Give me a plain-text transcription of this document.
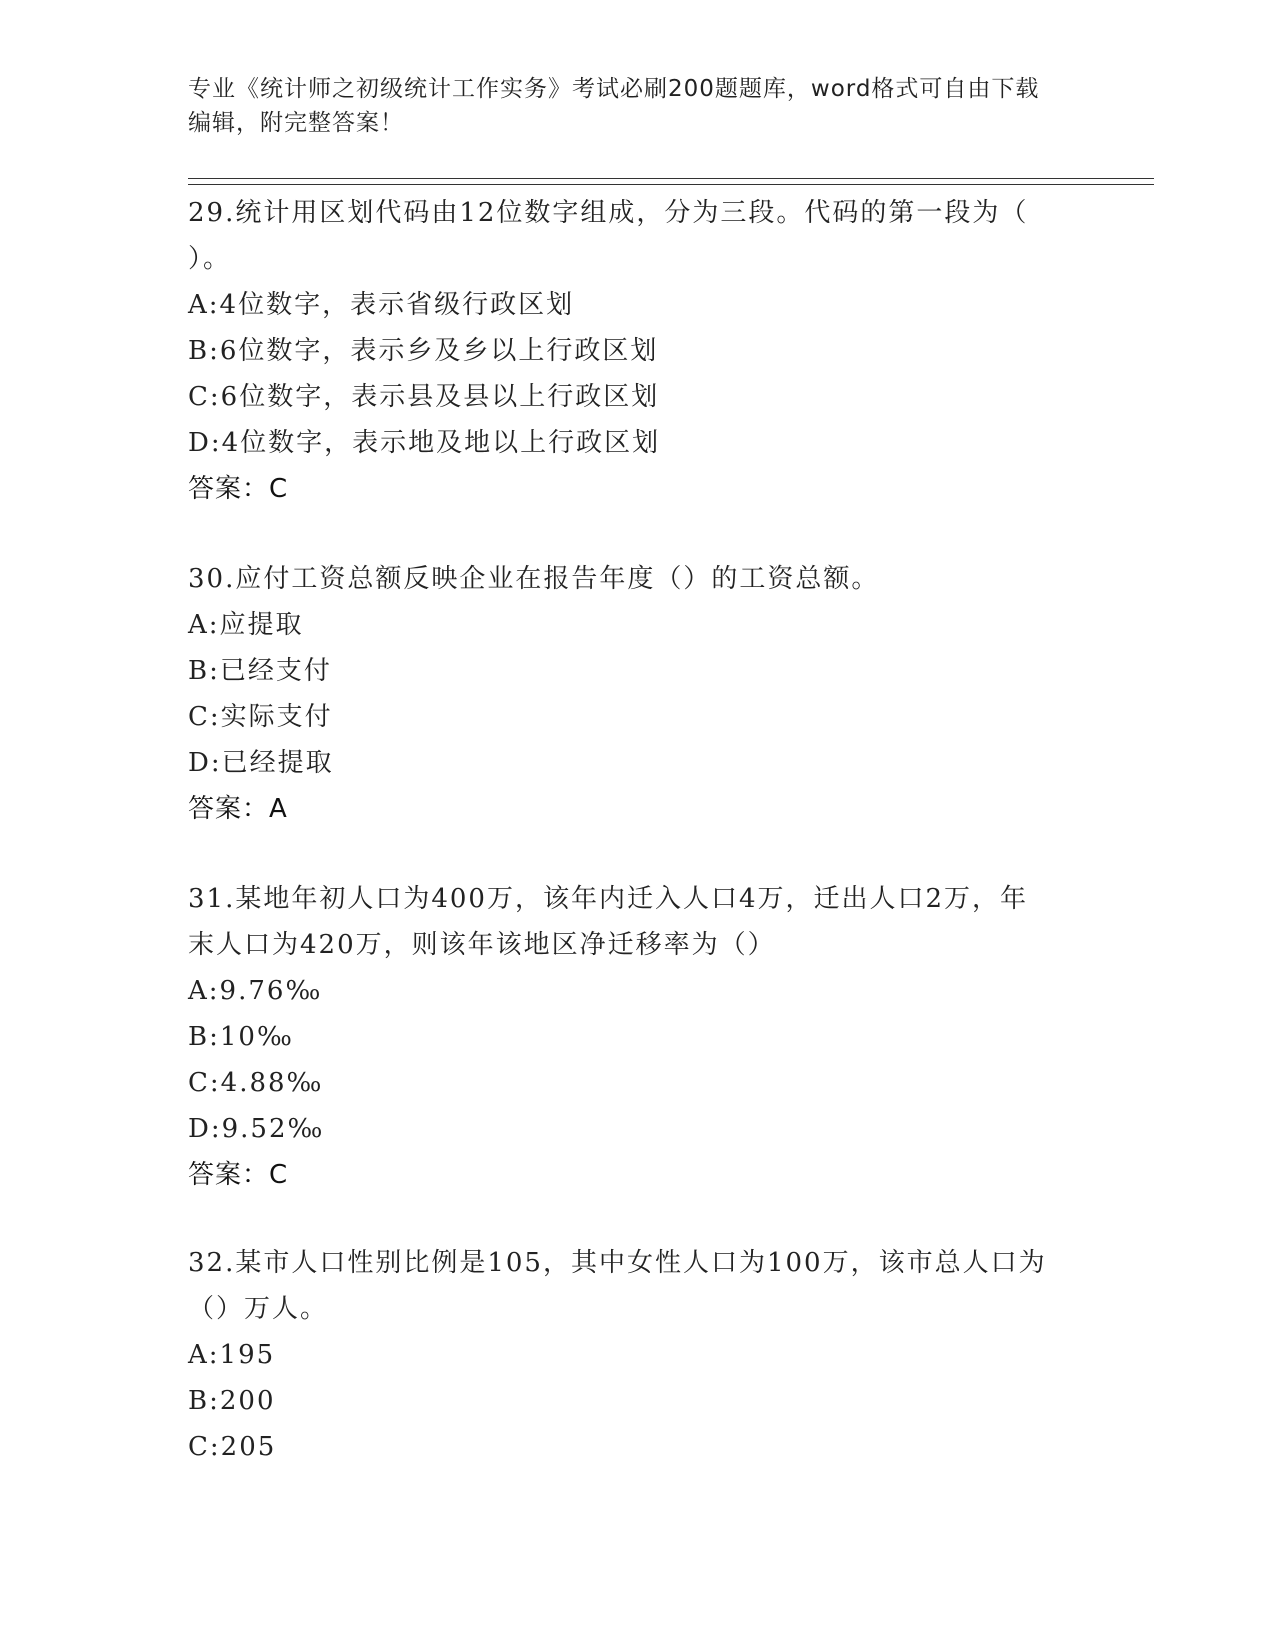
专业《统计师之初级统计工作实务》考试必刷200题题库，word格式可自由下载
编辑，附完整答案！

29.统计用区划代码由12位数字组成，分为三段。代码的第一段为（

）。

A: 4位数字，表示省级行政区划
B: 6位数字，表示乡及乡以上行政区划
C: 6位数字，表示县及县以上行政区划
D: 4位数字，表示地及地以上行政区划

答案：C

30.应付工资总额反映企业在报告年度（）的工资总额。

A: 应提取
B: 已经支付
C: 实际支付
D: 已经提取

答案：A

31.某地年初人口为400万，该年内迁入人口4万，迁出人口2万，年

末人口为420万，则该年该地区净迁移率为（）

A: 9.76‰
B: 10‰
C: 4.88‰
D: 9.52‰

答案：C

32.某市人口性别比例是105，其中女性人口为100万，该市总人口为

（）万人。

A: 195
B: 200
C: 205
